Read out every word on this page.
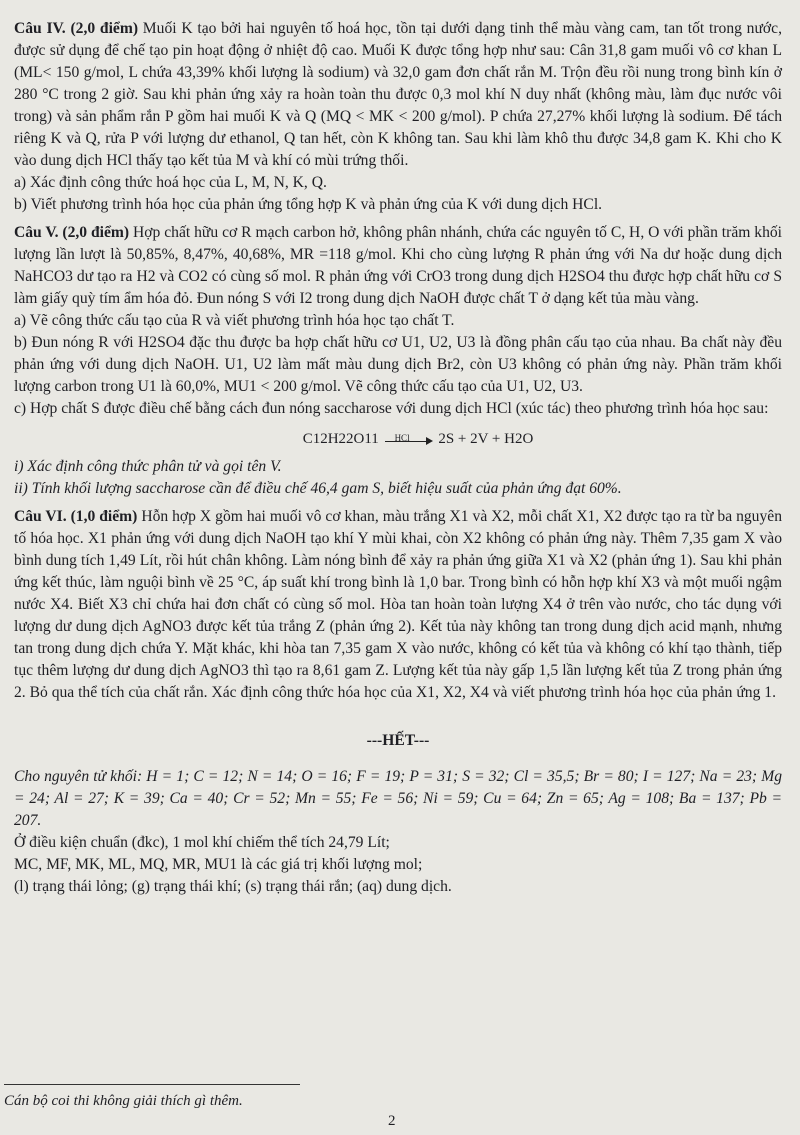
Câu IV. (2,0 điểm) Muối K tạo bởi hai nguyên tố hoá học, tồn tại dưới dạng tinh thể màu vàng cam, tan tốt trong nước, được sử dụng để chế tạo pin hoạt động ở nhiệt độ cao. Muối K được tổng hợp như sau: Cân 31,8 gam muối vô cơ khan L (ML< 150 g/mol, L chứa 43,39% khối lượng là sodium) và 32,0 gam đơn chất rắn M. Trộn đều rồi nung trong bình kín ở 280 °C trong 2 giờ. Sau khi phản ứng xảy ra hoàn toàn thu được 0,3 mol khí N duy nhất (không màu, làm đục nước vôi trong) và sản phẩm rắn P gồm hai muối K và Q (MQ < MK < 200 g/mol). P chứa 27,27% khối lượng là sodium. Để tách riêng K và Q, rửa P với lượng dư ethanol, Q tan hết, còn K không tan. Sau khi làm khô thu được 34,8 gam K. Khi cho K vào dung dịch HCl thấy tạo kết tủa M và khí có mùi trứng thối.

a) Xác định công thức hoá học của L, M, N, K, Q.

b) Viết phương trình hóa học của phản ứng tổng hợp K và phản ứng của K với dung dịch HCl.

Câu V. (2,0 điểm) Hợp chất hữu cơ R mạch carbon hở, không phân nhánh, chứa các nguyên tố C, H, O với phần trăm khối lượng lần lượt là 50,85%, 8,47%, 40,68%, MR =118 g/mol. Khi cho cùng lượng R phản ứng với Na dư hoặc dung dịch NaHCO3 dư tạo ra H2 và CO2 có cùng số mol. R phản ứng với CrO3 trong dung dịch H2SO4 thu được hợp chất hữu cơ S làm giấy quỳ tím ẩm hóa đỏ. Đun nóng S với I2 trong dung dịch NaOH được chất T ở dạng kết tủa màu vàng.

a) Vẽ công thức cấu tạo của R và viết phương trình hóa học tạo chất T.

b) Đun nóng R với H2SO4 đặc thu được ba hợp chất hữu cơ U1, U2, U3 là đồng phân cấu tạo của nhau. Ba chất này đều phản ứng với dung dịch NaOH. U1, U2 làm mất màu dung dịch Br2, còn U3 không có phản ứng này. Phần trăm khối lượng carbon trong U1 là 60,0%, MU1 < 200 g/mol. Vẽ công thức cấu tạo của U1, U2, U3.

c) Hợp chất S được điều chế bằng cách đun nóng saccharose với dung dịch HCl (xúc tác) theo phương trình hóa học sau:

C12H22O11 HCl 2S + 2V + H2O

i) Xác định công thức phân tử và gọi tên V.

ii) Tính khối lượng saccharose cần để điều chế 46,4 gam S, biết hiệu suất của phản ứng đạt 60%.

Câu VI. (1,0 điểm) Hỗn hợp X gồm hai muối vô cơ khan, màu trắng X1 và X2, mỗi chất X1, X2 được tạo ra từ ba nguyên tố hóa học. X1 phản ứng với dung dịch NaOH tạo khí Y mùi khai, còn X2 không có phản ứng này. Thêm 7,35 gam X vào bình dung tích 1,49 Lít, rồi hút chân không. Làm nóng bình để xảy ra phản ứng giữa X1 và X2 (phản ứng 1). Sau khi phản ứng kết thúc, làm nguội bình về 25 °C, áp suất khí trong bình là 1,0 bar. Trong bình có hỗn hợp khí X3 và một muối ngậm nước X4. Biết X3 chỉ chứa hai đơn chất có cùng số mol. Hòa tan hoàn toàn lượng X4 ở trên vào nước, cho tác dụng với lượng dư dung dịch AgNO3 được kết tủa trắng Z (phản ứng 2). Kết tủa này không tan trong dung dịch acid mạnh, nhưng tan trong dung dịch chứa Y. Mặt khác, khi hòa tan 7,35 gam X vào nước, không có kết tủa và không có khí tạo thành, tiếp tục thêm lượng dư dung dịch AgNO3 thì tạo ra 8,61 gam Z. Lượng kết tủa này gấp 1,5 lần lượng kết tủa Z trong phản ứng 2. Bỏ qua thể tích của chất rắn. Xác định công thức hóa học của X1, X2, X4 và viết phương trình hóa học của phản ứng 1.

---HẾT---

Cho nguyên tử khối: H = 1; C = 12; N = 14; O = 16; F = 19; P = 31; S = 32; Cl = 35,5; Br = 80; I = 127; Na = 23; Mg = 24; Al = 27; K = 39; Ca = 40; Cr = 52; Mn = 55; Fe = 56; Ni = 59; Cu = 64; Zn = 65; Ag = 108; Ba = 137; Pb = 207.

Ở điều kiện chuẩn (đkc), 1 mol khí chiếm thể tích 24,79 Lít;

MC, MF, MK, ML, MQ, MR, MU1 là các giá trị khối lượng mol;

(l) trạng thái lỏng; (g) trạng thái khí; (s) trạng thái rắn; (aq) dung dịch.

Cán bộ coi thi không giải thích gì thêm.
2
